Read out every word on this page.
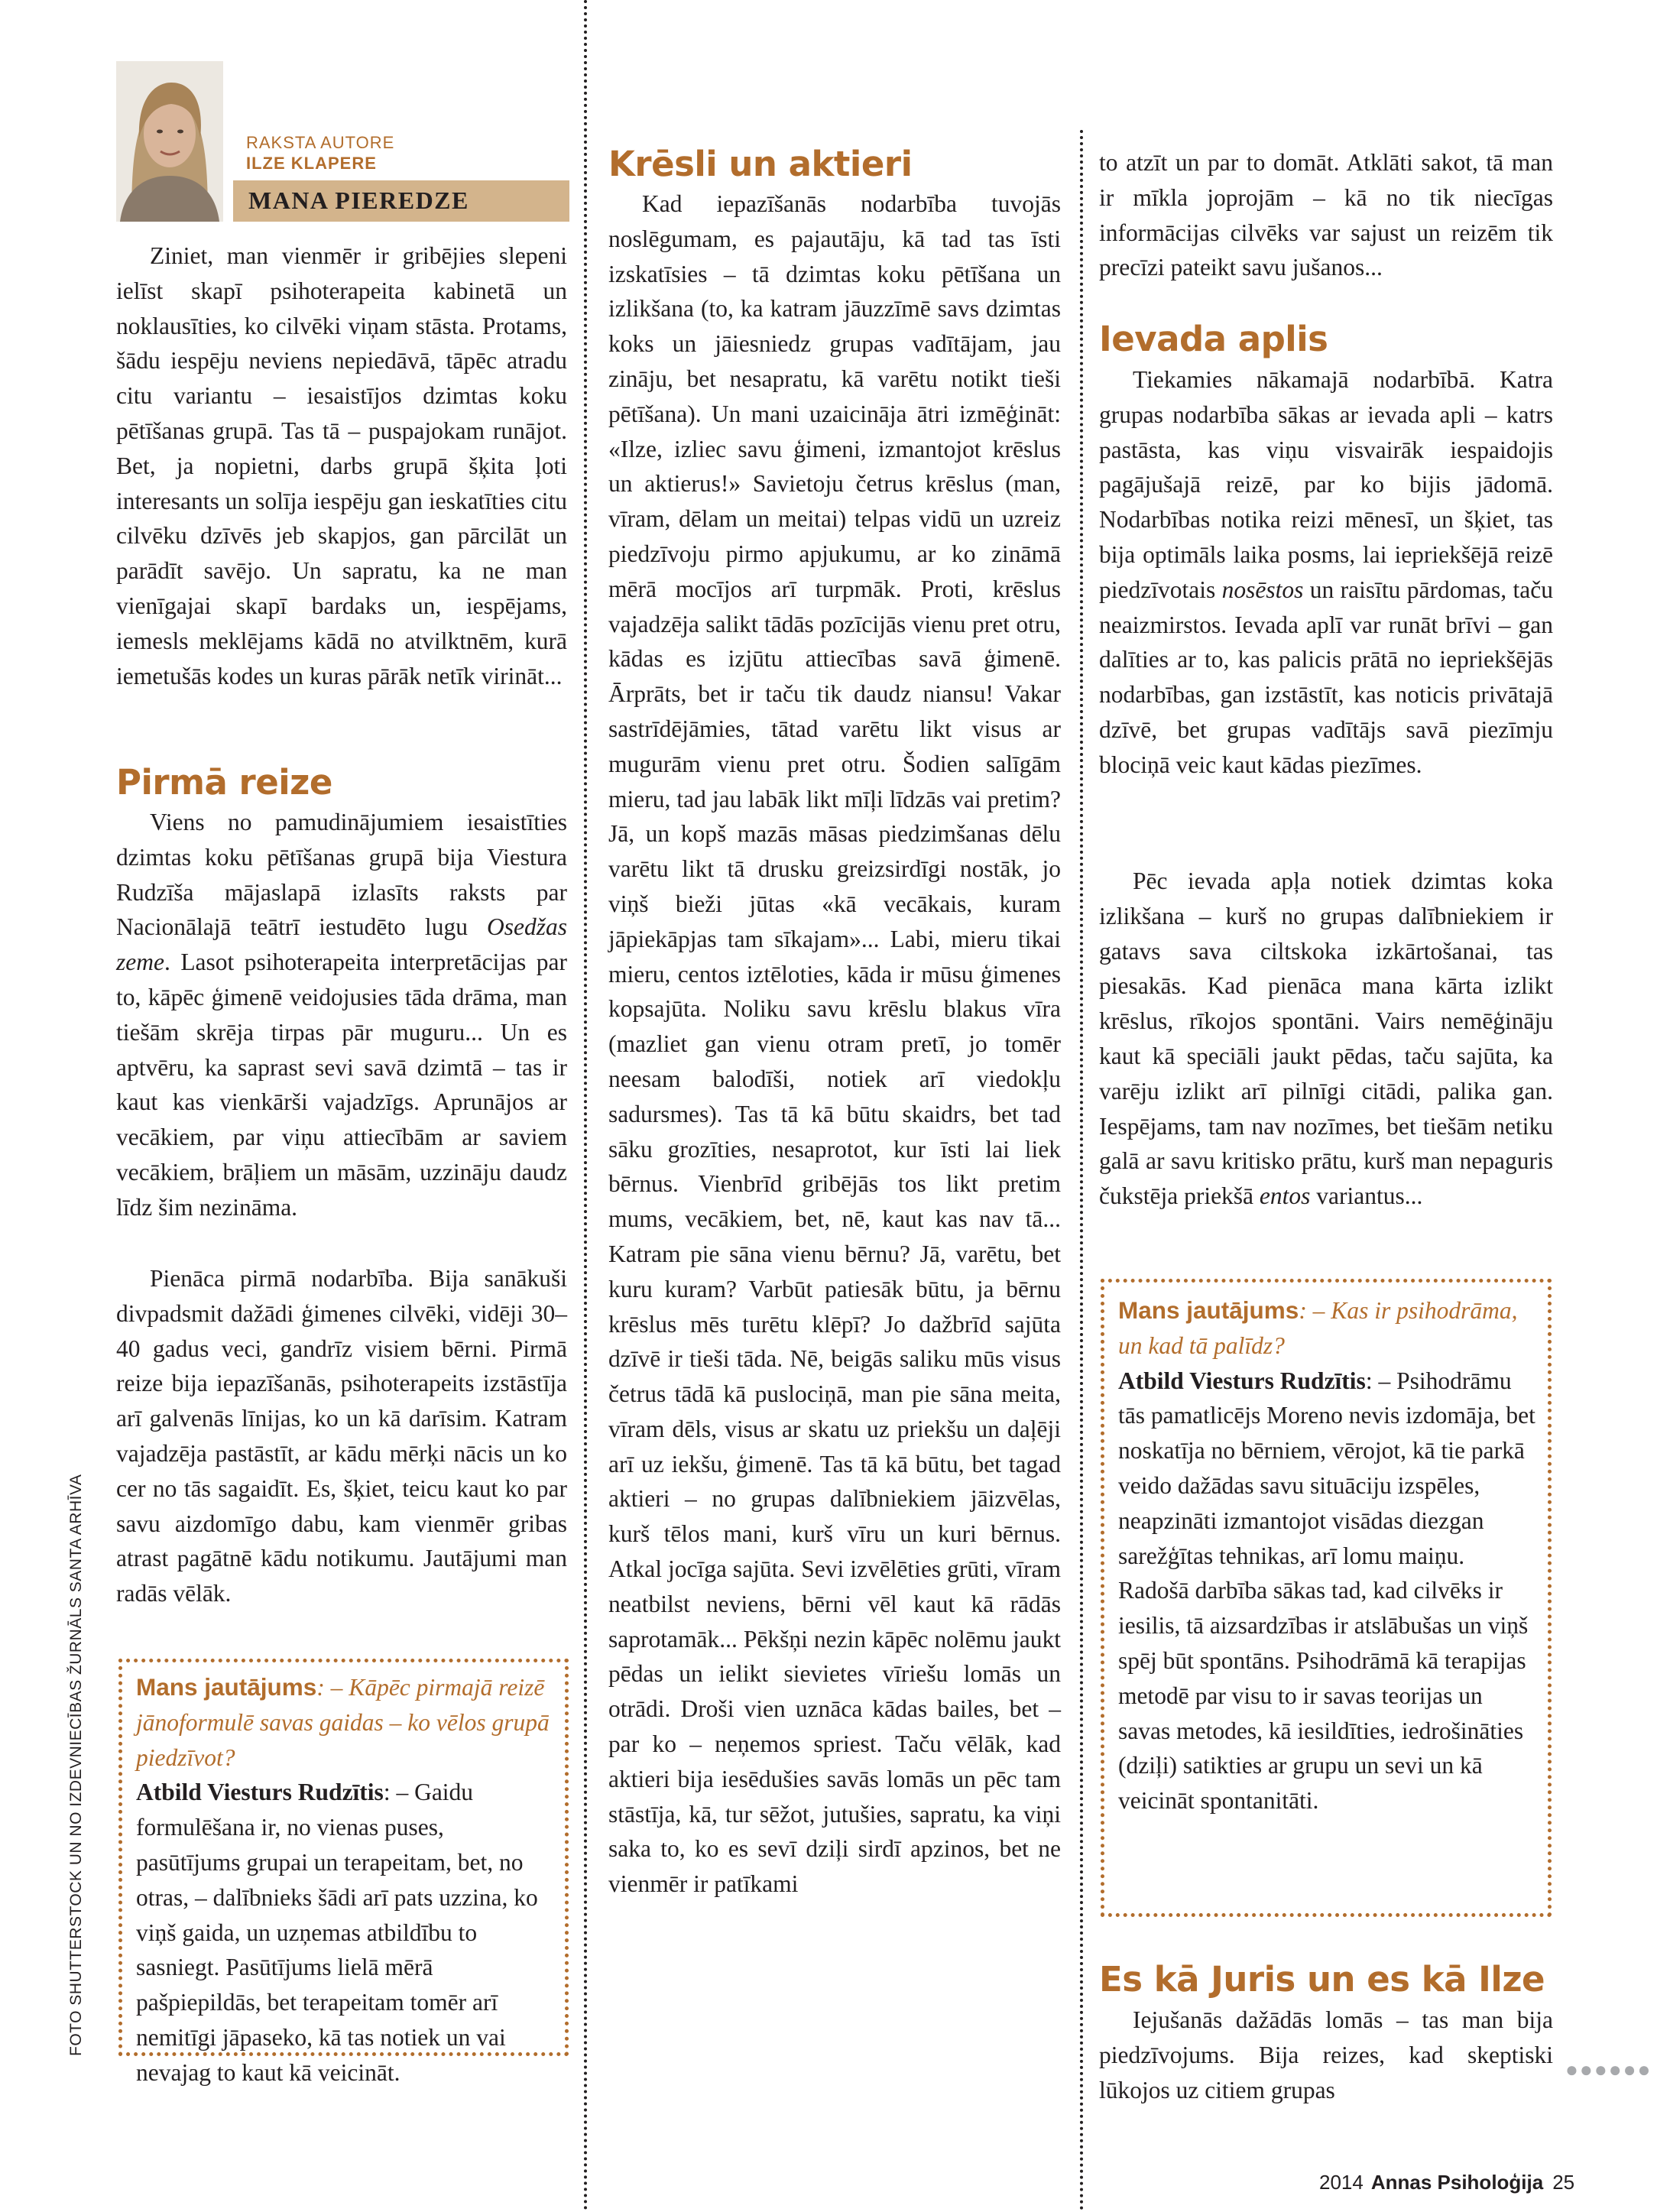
FOTO SHUTTERSTOCK UN NO IZDEVNIECĪBAS ŽURNĀLS SANTA ARHĪVA
RAKSTA AUTORE
ILZE KLAPERE
MANA PIEREDZE

Ziniet, man vienmēr ir gribējies slepeni ielīst skapī psihoterapeita kabinetā un noklausīties, ko cilvēki viņam stāsta. Protams, šādu iespēju neviens nepiedāvā, tāpēc atradu citu variantu – iesaistījos dzimtas koku pētīšanas grupā. Tas tā – puspajokam runājot. Bet, ja nopietni, darbs grupā šķita ļoti interesants un solīja iespēju gan ieskatīties citu cilvēku dzīvēs jeb skapjos, gan pārcilāt un parādīt savējo. Un sapratu, ka ne man vienīgajai skapī bardaks un, iespējams, iemesls meklējams kādā no atvilktnēm, kurā iemetušās kodes un kuras pārāk netīk virināt...

Pirmā reize

Viens no pamudinājumiem iesaistīties dzimtas koku pētīšanas grupā bija Viestura Rudzīša mājaslapā izlasīts raksts par Nacionālajā teātrī iestudēto lugu Osedžas zeme. Lasot psihoterapeita interpretācijas par to, kāpēc ģimenē veidojusies tāda drāma, man tiešām skrēja tirpas pār muguru... Un es aptvēru, ka saprast sevi savā dzimtā – tas ir kaut kas vienkārši vajadzīgs. Aprunājos ar vecākiem, par viņu attiecībām ar saviem vecākiem, brāļiem un māsām, uzzināju daudz līdz šim nezināma.

Pienāca pirmā nodarbība. Bija sanākuši divpadsmit dažādi ģimenes cilvēki, vidēji 30–40 gadus veci, gandrīz visiem bērni. Pirmā reize bija iepazīšanās, psihoterapeits izstāstīja arī galvenās līnijas, ko un kā darīsim. Katram vajadzēja pastāstīt, ar kādu mērķi nācis un ko cer no tās sagaidīt. Es, šķiet, teicu kaut ko par savu aizdomīgo dabu, kam vienmēr gribas atrast pagātnē kādu notikumu. Jautājumi man radās vēlāk.

Mans jautājums: – Kāpēc pirmajā reizē jānoformulē savas gaidas – ko vēlos grupā piedzīvot?
Atbild Viesturs Rudzītis: – Gaidu formulēšana ir, no vienas puses, pasūtījums grupai un terapeitam, bet, no otras, – dalībnieks šādi arī pats uzzina, ko viņš gaida, un uzņemas atbildību to sasniegt. Pasūtījums lielā mērā pašpiepildās, bet terapeitam tomēr arī nemitīgi jāpaseko, kā tas notiek un vai nevajag to kaut kā veicināt.

Krēsli un aktieri

Kad iepazīšanās nodarbība tuvojās noslēgumam, es pajautāju, kā tad tas īsti izskatīsies – tā dzimtas koku pētīšana un izlikšana (to, ka katram jāuzzīmē savs dzimtas koks un jāiesniedz grupas vadītājam, jau zināju, bet nesapratu, kā varētu notikt tieši pētīšana). Un mani uzaicināja ātri izmēģināt: «Ilze, izliec savu ģimeni, izmantojot krēslus un aktierus!» Savietoju četrus krēslus (man, vīram, dēlam un meitai) telpas vidū un uzreiz piedzīvoju pirmo apjukumu, ar ko zināmā mērā mocījos arī turpmāk. Proti, krēslus vajadzēja salikt tādās pozīcijās vienu pret otru, kādas es izjūtu attiecības savā ģimenē. Ārprāts, bet ir taču tik daudz niansu! Vakar sastrīdējāmies, tātad varētu likt visus ar mugurām vienu pret otru. Šodien salīgām mieru, tad jau labāk likt mīļi līdzās vai pretim? Jā, un kopš mazās māsas piedzimšanas dēlu varētu likt tā drusku greizsirdīgi nostāk, jo viņš bieži jūtas «kā vecākais, kuram jāpiekāpjas tam sīkajam»... Labi, mieru tikai mieru, centos iztēloties, kāda ir mūsu ģimenes kopsajūta. Noliku savu krēslu blakus vīra (mazliet gan vienu otram pretī, jo tomēr neesam balodīši, notiek arī viedokļu sadursmes). Tas tā kā būtu skaidrs, bet tad sāku grozīties, nesaprotot, kur īsti lai liek bērnus. Vienbrīd gribējās tos likt pretim mums, vecākiem, bet, nē, kaut kas nav tā... Katram pie sāna vienu bērnu? Jā, varētu, bet kuru kuram? Varbūt patiesāk būtu, ja bērnu krēslus mēs turētu klēpī? Jo dažbrīd sajūta dzīvē ir tieši tāda. Nē, beigās saliku mūs visus četrus tādā kā puslociņā, man pie sāna meita, vīram dēls, visus ar skatu uz priekšu un daļēji arī uz iekšu, ģimenē. Tas tā kā būtu, bet tagad aktieri – no grupas dalībniekiem jāizvēlas, kurš tēlos mani, kurš vīru un kuri bērnus. Atkal jocīga sajūta. Sevi izvēlēties grūti, vīram neatbilst neviens, bērni vēl kaut kā rādās saprotamāk... Pēkšņi nezin kāpēc nolēmu jaukt pēdas un ielikt sievietes vīriešu lomās un otrādi. Droši vien uznāca kādas bailes, bet – par ko – neņemos spriest. Taču vēlāk, kad aktieri bija iesēdušies savās lomās un pēc tam stāstīja, kā, tur sēžot, jutušies, sapratu, ka viņi saka to, ko es sevī dziļi sirdī apzinos, bet ne vienmēr ir patīkami

to atzīt un par to domāt. Atklāti sakot, tā man ir mīkla joprojām – kā no tik niecīgas informācijas cilvēks var sajust un reizēm tik precīzi pateikt savu jušanos...

Ievada aplis

Tiekamies nākamajā nodarbībā. Katra grupas nodarbība sākas ar ievada apli – katrs pastāsta, kas viņu visvairāk iespaidojis pagājušajā reizē, par ko bijis jādomā. Nodarbības notika reizi mēnesī, un šķiet, tas bija optimāls laika posms, lai iepriekšējā reizē piedzīvotais nosēstos un raisītu pārdomas, taču neaizmirstos. Ievada aplī var runāt brīvi – gan dalīties ar to, kas palicis prātā no iepriekšējās nodarbības, gan izstāstīt, kas noticis privātajā dzīvē, bet grupas vadītājs savā piezīmju blociņā veic kaut kādas piezīmes.

Pēc ievada apļa notiek dzimtas koka izlikšana – kurš no grupas dalībniekiem ir gatavs sava ciltskoka izkārtošanai, tas piesakās. Kad pienāca mana kārta izlikt krēslus, rīkojos spontāni. Vairs nemēģināju kaut kā speciāli jaukt pēdas, taču sajūta, ka varēju izlikt arī pilnīgi citādi, palika gan. Iespējams, tam nav nozīmes, bet tiešām netiku galā ar savu kritisko prātu, kurš man nepaguris čukstēja priekšā entos variantus...

Es kā Juris un es kā Ilze

Iejušanās dažādās lomās – tas man bija piedzīvojums. Bija reizes, kad skeptiski lūkojos uz citiem grupas

Mans jautājums: – Kas ir psihodrāma, un kad tā palīdz?
Atbild Viesturs Rudzītis: – Psihodrāmu tās pamatlicējs Moreno nevis izdomāja, bet noskatīja no bērniem, vērojot, kā tie parkā veido dažādas savu situāciju izspēles, neapzināti izmantojot visādas diezgan sarežģītas tehnikas, arī lomu maiņu. Radošā darbība sākas tad, kad cilvēks ir iesilis, tā aizsardzības ir atslābušas un viņš spēj būt spontāns. Psihodrāmā kā terapijas metodē par visu to ir savas teorijas un savas metodes, kā iesildīties, iedrošināties (dziļi) satikties ar grupu un sevi un kā veicināt spontanitāti.

●●●●●●
2014 Annas Psiholoģija 25
